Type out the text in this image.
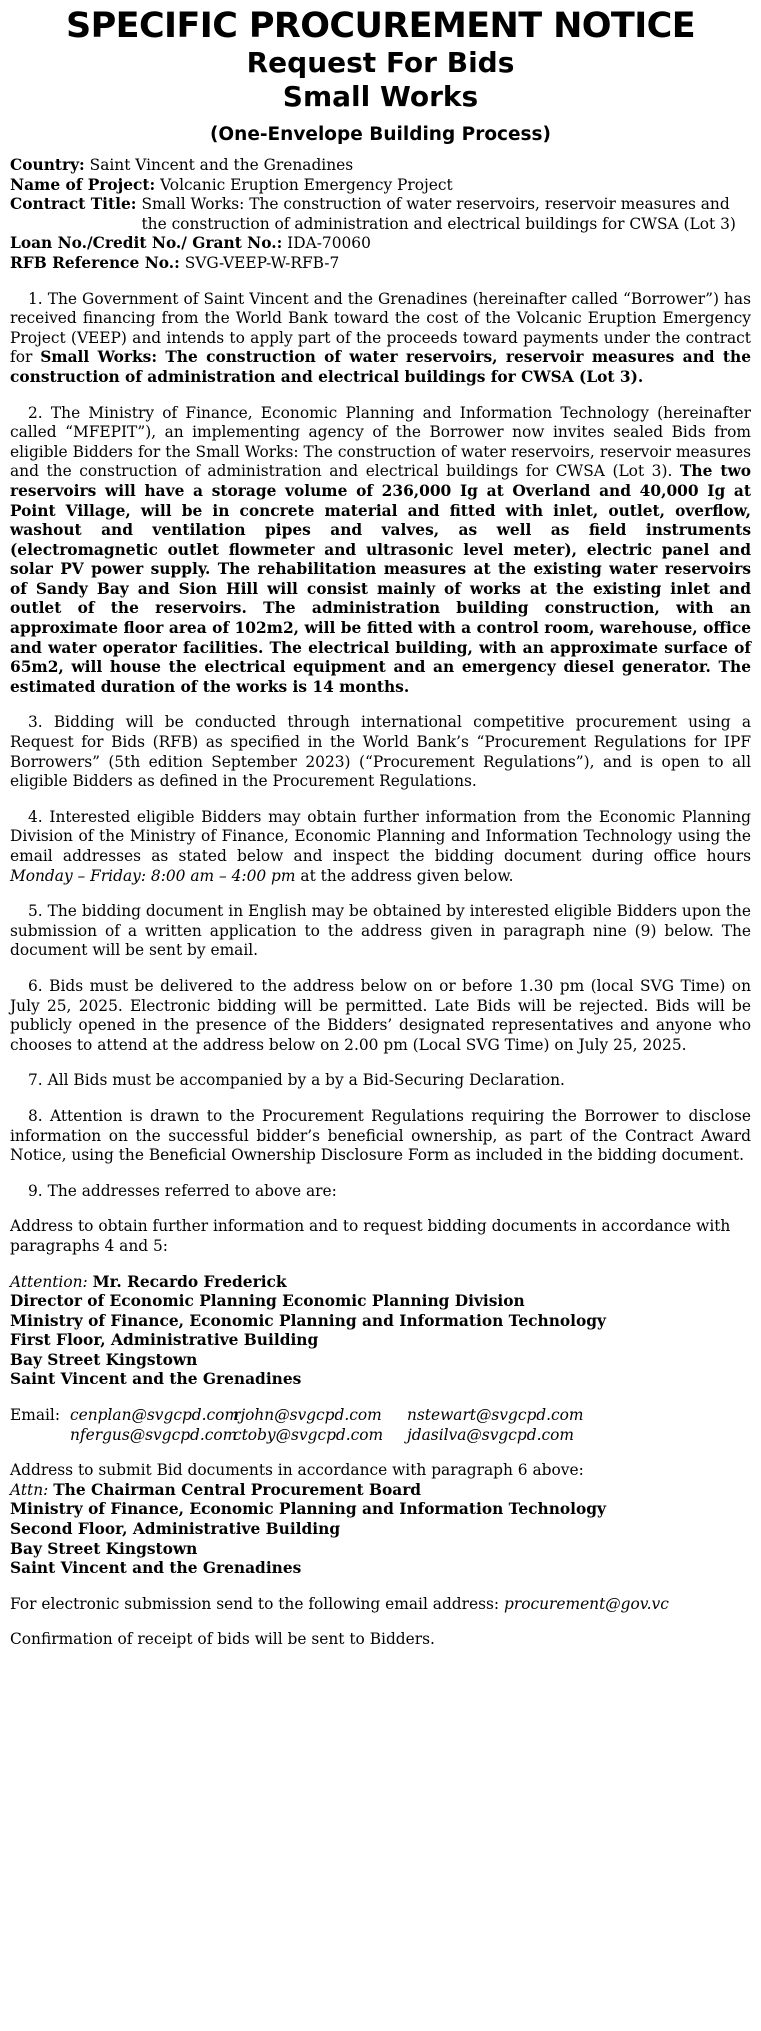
SPECIFIC PROCUREMENT NOTICE
Request For Bids
Small Works
(One-Envelope Building Process)

Country: Saint Vincent and the Grenadines

Name of Project: Volcanic Eruption Emergency Project

Contract Title: Small Works: The construction of water reservoirs, reservoir measures and the construction of administration and electrical buildings for CWSA (Lot 3)

Loan No./Credit No./ Grant No.: IDA-70060

RFB Reference No.: SVG-VEEP-W-RFB-7

1. The Government of Saint Vincent and the Grenadines (hereinafter called “Borrower”) has received financing from the World Bank toward the cost of the Volcanic Eruption Emergency Project (VEEP) and intends to apply part of the proceeds toward payments under the contract for Small Works: The construction of water reservoirs, reservoir measures and the construction of administration and electrical buildings for CWSA (Lot 3).

2. The Ministry of Finance, Economic Planning and Information Technology (hereinafter called “MFEPIT”), an implementing agency of the Borrower now invites sealed Bids from eligible Bidders for the Small Works: The construction of water reservoirs, reservoir measures and the construction of administration and electrical buildings for CWSA (Lot 3). The two reservoirs will have a storage volume of 236,000 Ig at Overland and 40,000 Ig at Point Village, will be in concrete material and fitted with inlet, outlet, overflow, washout and ventilation pipes and valves, as well as field instruments (electromagnetic outlet flowmeter and ultrasonic level meter), electric panel and solar PV power supply. The rehabilitation measures at the existing water reservoirs of Sandy Bay and Sion Hill will consist mainly of works at the existing inlet and outlet of the reservoirs. The administration building construction, with an approximate floor area of 102m2, will be fitted with a control room, warehouse, office and water operator facilities. The electrical building, with an approximate surface of 65m2, will house the electrical equipment and an emergency diesel generator. The estimated duration of the works is 14 months.

3. Bidding will be conducted through international competitive procurement using a Request for Bids (RFB) as specified in the World Bank’s “Procurement Regulations for IPF Borrowers” (5th edition September 2023) (“Procurement Regulations”), and is open to all eligible Bidders as defined in the Procurement Regulations.

4. Interested eligible Bidders may obtain further information from the Economic Planning Division of the Ministry of Finance, Economic Planning and Information Technology using the email addresses as stated below and inspect the bidding document during office hours Monday – Friday: 8:00 am – 4:00 pm at the address given below.

5. The bidding document in English may be obtained by interested eligible Bidders upon the submission of a written application to the address given in paragraph nine (9) below. The document will be sent by email.

6. Bids must be delivered to the address below on or before 1.30 pm (local SVG Time) on July 25, 2025. Electronic bidding will be permitted. Late Bids will be rejected. Bids will be publicly opened in the presence of the Bidders’ designated representatives and anyone who chooses to attend at the address below on 2.00 pm (Local SVG Time) on July 25, 2025.

7. All Bids must be accompanied by a by a Bid-Securing Declaration.

8. Attention is drawn to the Procurement Regulations requiring the Borrower to disclose information on the successful bidder’s beneficial ownership, as part of the Contract Award Notice, using the Beneficial Ownership Disclosure Form as included in the bidding document.

9. The addresses referred to above are:

Address to obtain further information and to request bidding documents in accordance with paragraphs 4 and 5:

Attention: Mr. Recardo Frederick

Director of Economic Planning Economic Planning Division

Ministry of Finance, Economic Planning and Information Technology

First Floor, Administrative Building

Bay Street Kingstown

Saint Vincent and the Grenadines

Email: cenplan@svgcpd.com
rjohn@svgcpd.com	nstewart@svgcpd.com
nfergus@svgcpd.com
ctoby@svgcpd.com	jdasilva@svgcpd.com

Address to submit Bid documents in accordance with paragraph 6 above:

Attn: The Chairman Central Procurement Board

Ministry of Finance, Economic Planning and Information Technology

Second Floor, Administrative Building

Bay Street Kingstown

Saint Vincent and the Grenadines

For electronic submission send to the following email address: procurement@gov.vc

Confirmation of receipt of bids will be sent to Bidders.
